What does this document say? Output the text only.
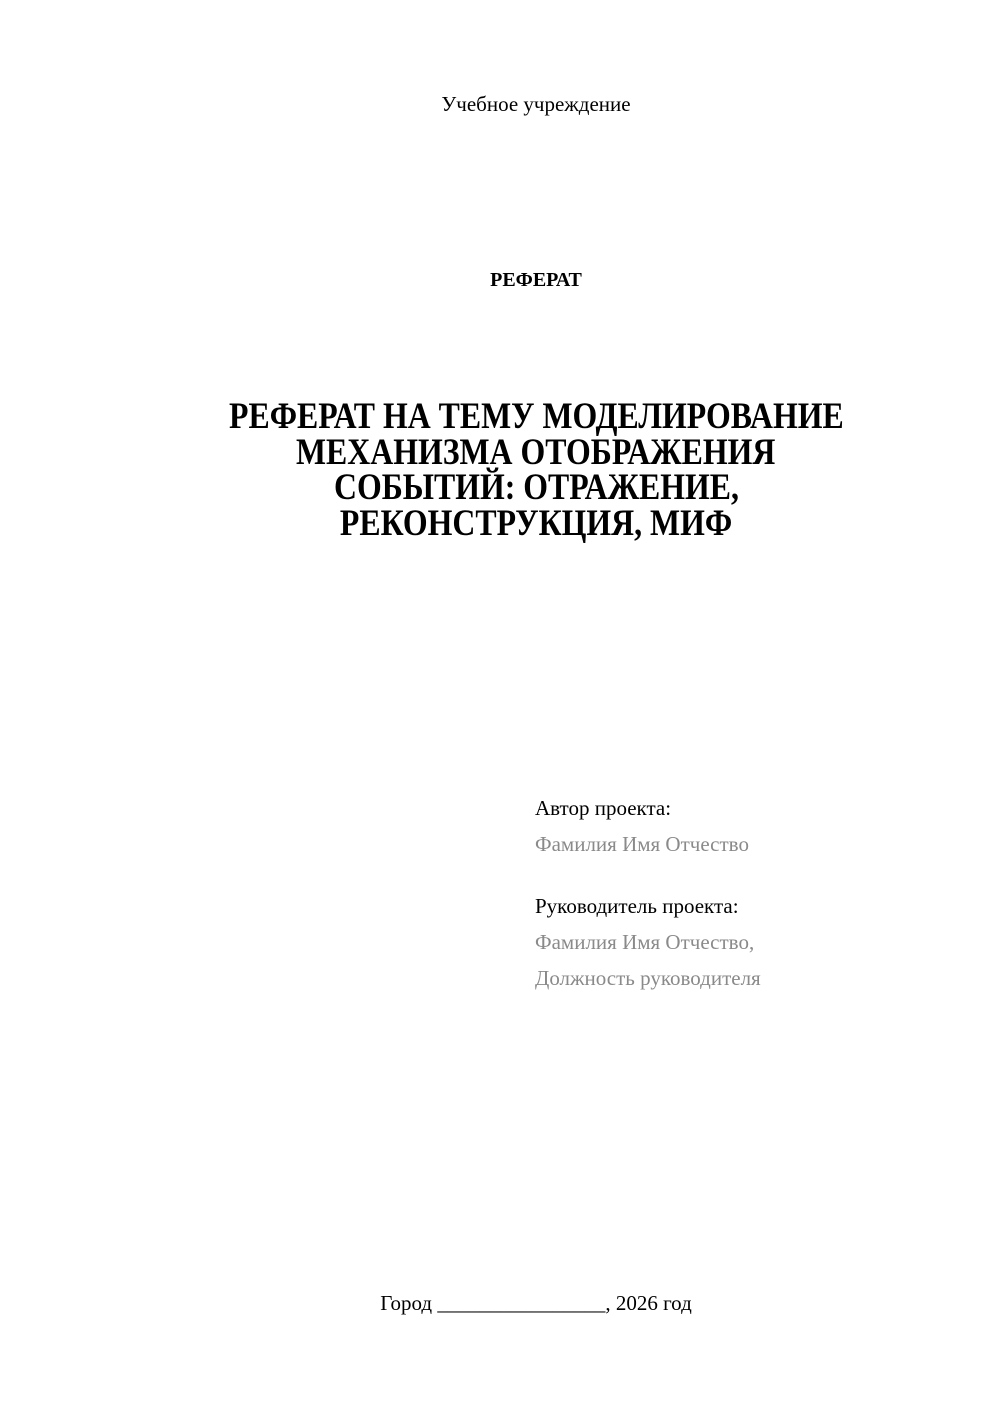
Учебное учреждение
РЕФЕРАТ
РЕФЕРАТ НА ТЕМУ МОДЕЛИРОВАНИЕ
МЕХАНИЗМА ОТОБРАЖЕНИЯ
СОБЫТИЙ: ОТРАЖЕНИЕ,
РЕКОНСТРУКЦИЯ, МИФ
Автор проекта:
Фамилия Имя Отчество
Руководитель проекта:
Фамилия Имя Отчество,
Должность руководителя
Город ________________, 2026 год
